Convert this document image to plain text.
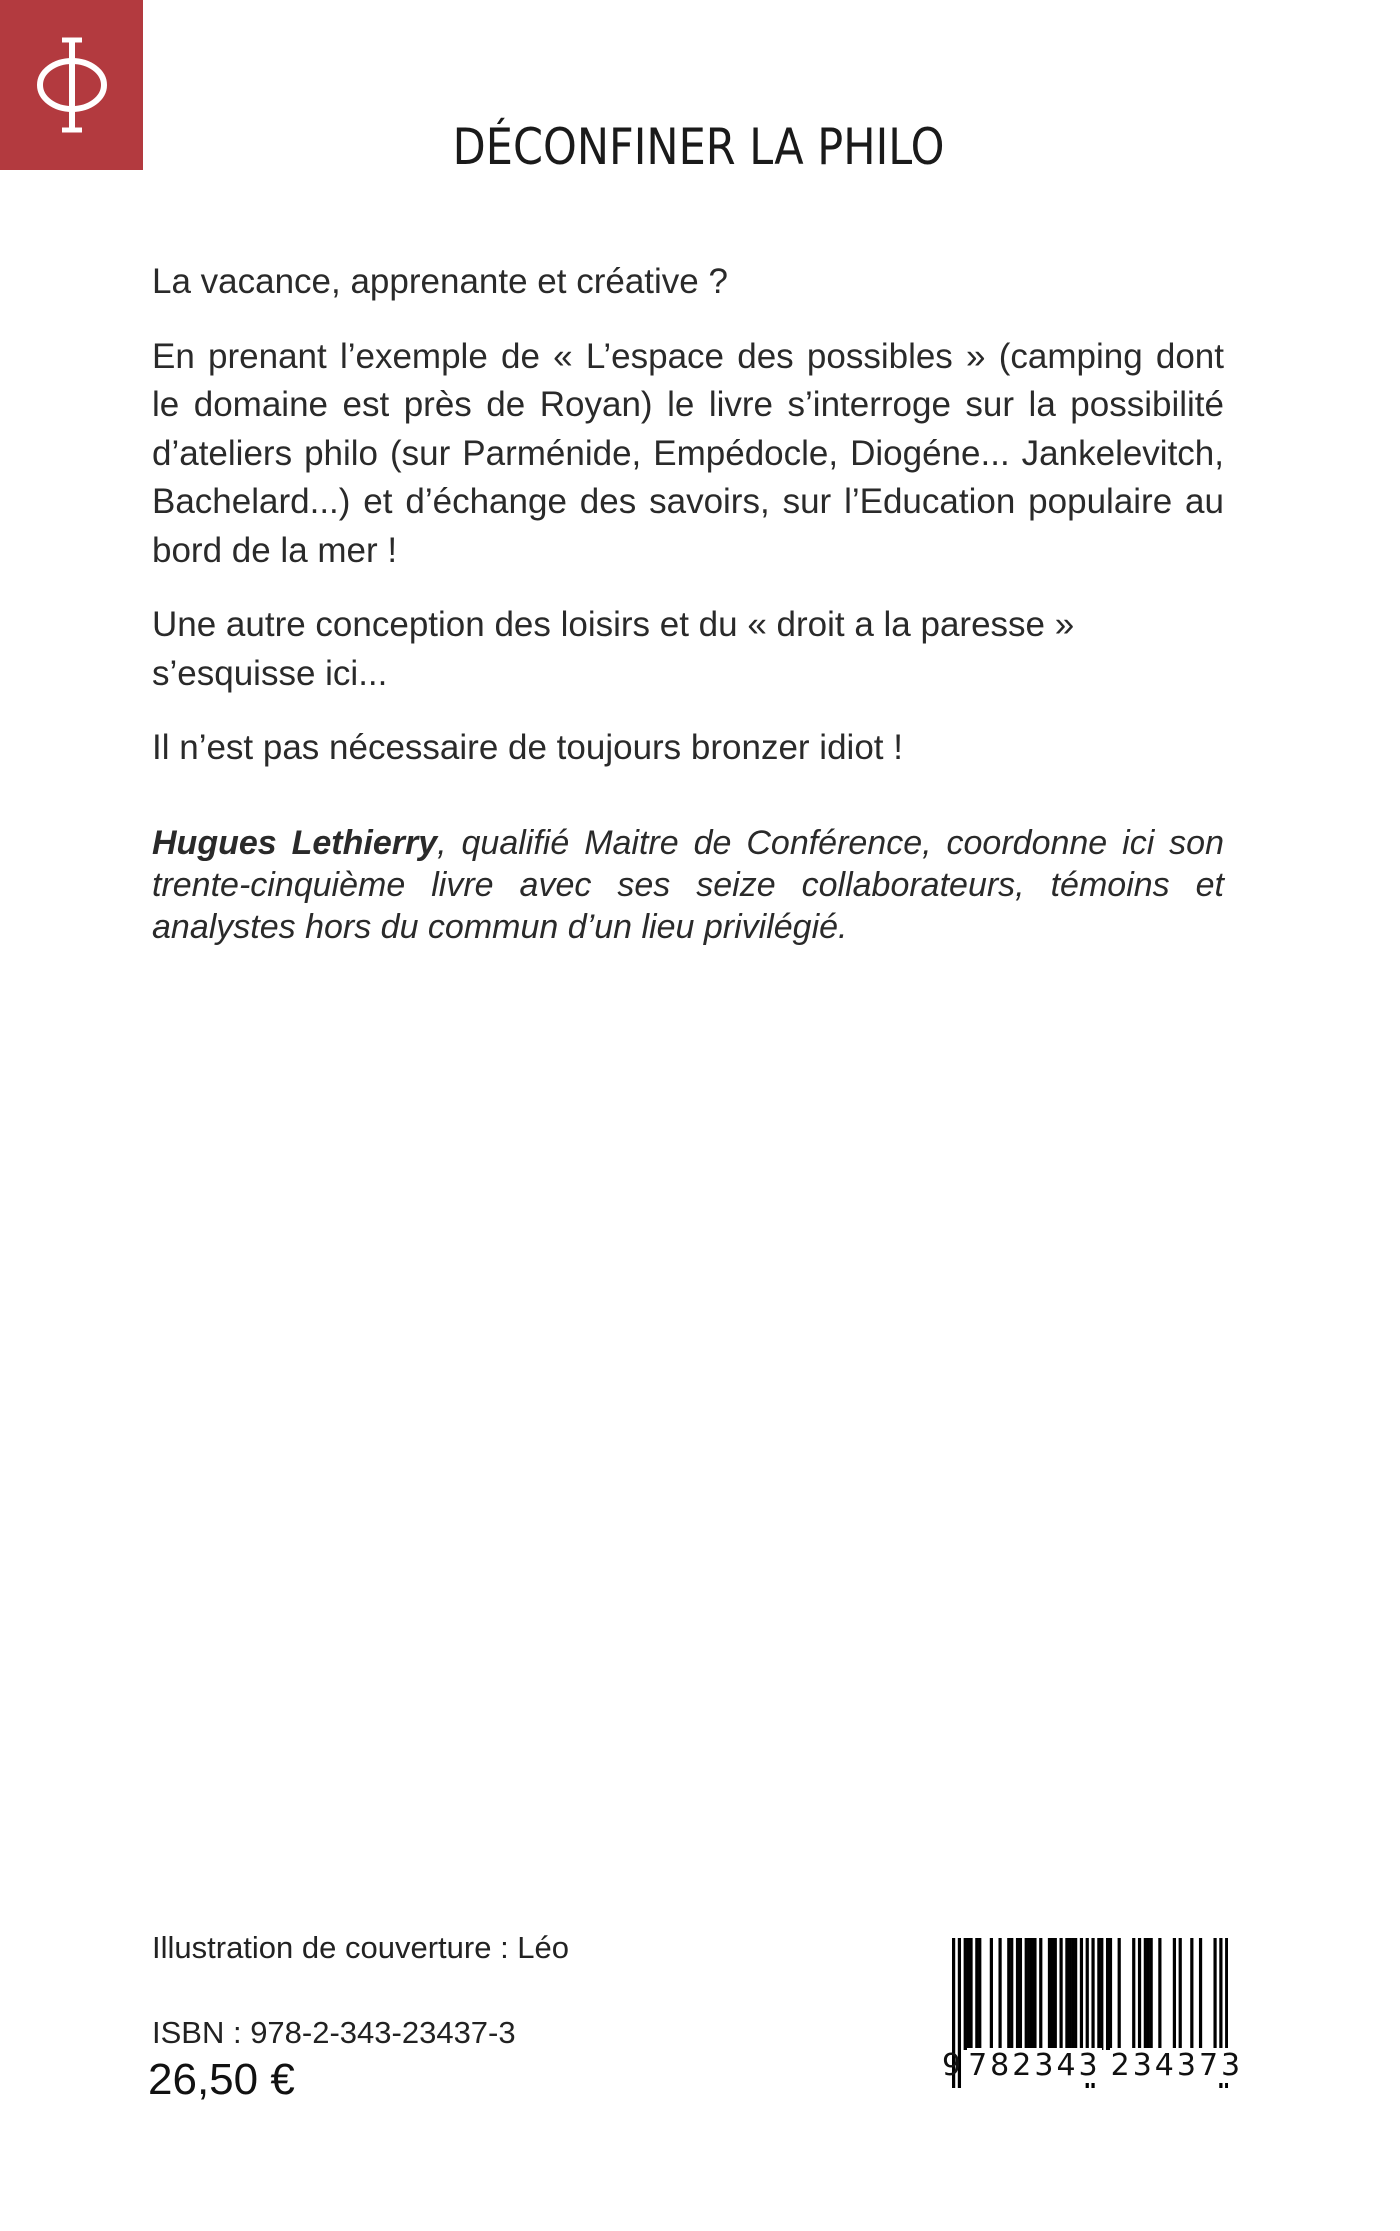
DÉCONFINER LA PHILO

La vacance, apprenante et créative ?

En prenant l’exemple de « L’espace des possibles » (camping dont le domaine est près de Royan) le livre s’interroge sur la possibilité d’ateliers philo (sur Parménide, Empédocle, Diogéne... Jankelevitch, Bachelard...) et d’échange des savoirs, sur l’Education populaire au bord de la mer !

Une autre conception des loisirs et du « droit a la paresse » s’esquisse ici...

Il n’est pas nécessaire de toujours bronzer idiot !

Hugues Lethierry, qualifié Maitre de Conférence, coordonne ici son trente-cinquième livre avec ses seize collaborateurs, témoins et analystes hors du commun d’un lieu privilégié.
Illustration de couverture : Léo
ISBN : 978-2-343-23437-3
26,50 €	9 782343 234373
